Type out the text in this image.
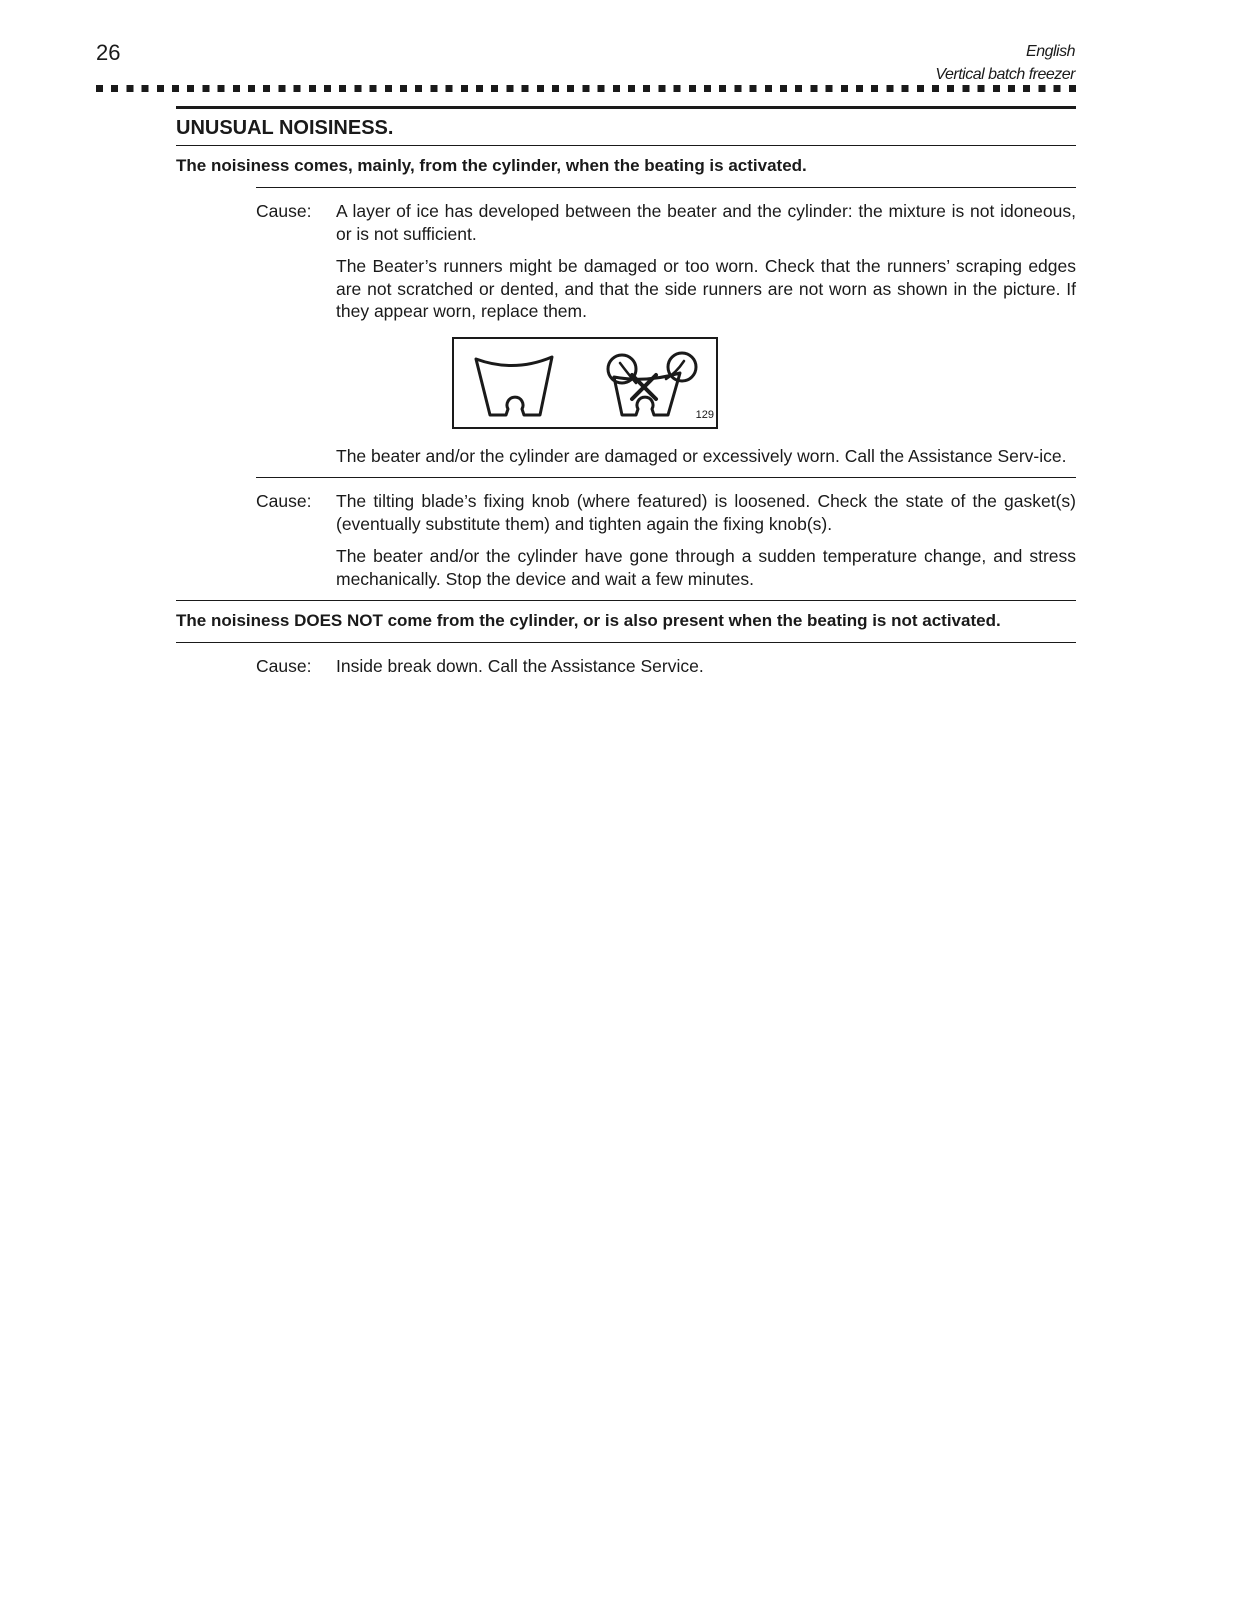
26	English
Vertical batch freezer
UNUSUAL NOISINESS.
The noisiness comes, mainly, from the cylinder, when the beating is activated.
Cause:	A layer of ice has developed between the beater and the cylinder: the mixture is not idoneous, or is not sufficient.

The Beater’s runners might be damaged or too worn. Check that the runners’ scraping edges are not scratched or dented, and that the side runners are not worn as shown in the picture. If they appear worn, replace them.

129

The beater and/or the cylinder are damaged or excessively worn. Call the Assistance Serv-ice.

Cause:	The tilting blade’s fixing knob (where featured) is loosened. Check the state of the gasket(s) (eventually substitute them) and tighten again the fixing knob(s).

The beater and/or the cylinder have gone through a sudden temperature change, and stress mechanically. Stop the device and wait a few minutes.

The noisiness DOES NOT come from the cylinder, or is also present when the beating is not activated.
Cause:	Inside break down. Call the Assistance Service.
